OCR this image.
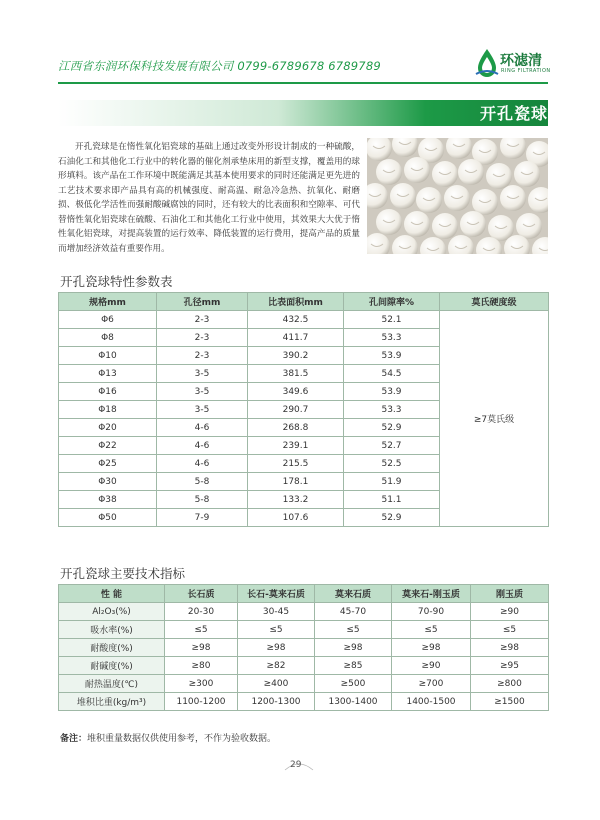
江西省东润环保科技发展有限公司 0799-6789678 6789789	环滤清
RING FILTRATION
开孔瓷球

开孔瓷球是在惰性氧化铝瓷球的基础上通过改变外形设计制成的一种硫酸，石油化工和其他化工行业中的转化器的催化剂承垫床用的新型支撑，覆盖用的球形填料。该产品在工作环境中既能满足其基本使用要求的同时还能满足更先进的工艺技术要求即产品具有高的机械强度、耐高温、耐急冷急热、抗氧化、耐磨损、极低化学活性而强耐酸碱腐蚀的同时，还有较大的比表面积和空隙率、可代替惰性氧化铝瓷球在硫酸、石油化工和其他化工行业中使用，其效果大大优于惰性氧化铝瓷球，对提高装置的运行效率、降低装置的运行费用，提高产品的质量而增加经济效益有重要作用。

开孔瓷球特性参数表
规格mm	孔径mm	比表面积mm	孔间隙率%	莫氏硬度级
Φ6	2-3	432.5	52.1	≥7莫氏级
Φ8	2-3	411.7	53.3	
Φ10	2-3	390.2	53.9	
Φ13	3-5	381.5	54.5	
Φ16	3-5	349.6	53.9	
Φ18	3-5	290.7	53.3	
Φ20	4-6	268.8	52.9	
Φ22	4-6	239.1	52.7	
Φ25	4-6	215.5	52.5	
Φ30	5-8	178.1	51.9	
Φ38	5-8	133.2	51.1	
Φ50	7-9	107.6	52.9	
开孔瓷球主要技术指标
性 能	长石质	长石-莫来石质	莫来石质	莫来石-刚玉质	刚玉质
Al₂O₃(%)	20-30	30-45	45-70	70-90	≥90
吸水率(%)	≤5	≤5	≤5	≤5	≤5
耐酸度(%)	≥98	≥98	≥98	≥98	≥98
耐碱度(%)	≥80	≥82	≥85	≥90	≥95
耐热温度(℃)	≥300	≥400	≥500	≥700	≥800
堆积比重(kg/m³)	1100-1200	1200-1300	1300-1400	1400-1500	≥1500
备注：堆积重量数据仅供使用参考，不作为验收数据。
29
